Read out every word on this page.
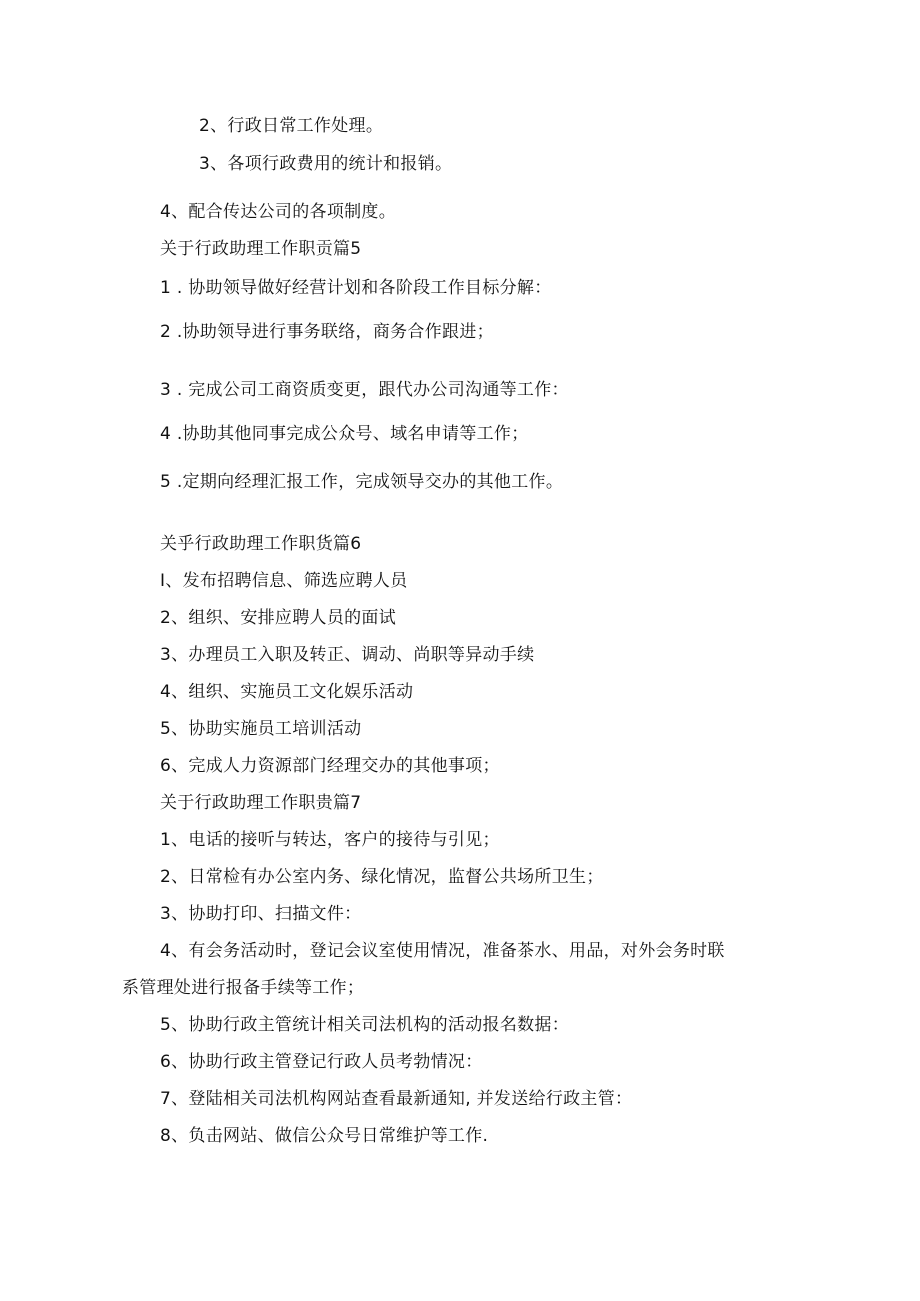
2、行政日常工作处理。
3、各项行政费用的统计和报销。
4、配合传达公司的各项制度。
关于行政助理工作职贡篇5
1 . 协助领导做好经营计划和各阶段工作目标分解：
2 .协助领导进行事务联络，商务合作跟进；
3 . 完成公司工商资质变更，跟代办公司沟通等工作：
4 .协助其他同事完成公众号、域名申请等工作；
5 .定期向经理汇报工作，完成领导交办的其他工作。
关乎行政助理工作职货篇6
I、发布招聘信息、筛选应聘人员
2、组织、安排应聘人员的面试
3、办理员工入职及转正、调动、尚职等异动手续
4、组织、实施员工文化娱乐活动
5、协助实施员工培训活动
6、完成人力资源部门经理交办的其他事项；
关于行政助理工作职贵篇7
1、电话的接听与转达，客户的接待与引见；
2、日常检有办公室内务、绿化情况，监督公共场所卫生；
3、协助打印、扫描文件：
4、有会务活动时，登记会议室使用情况，准备茶水、用品，对外会务时联
系管理处进行报备手续等工作；
5、协助行政主管统计相关司法机构的活动报名数据：
6、协助行政主管登记行政人员考勃情况：
7、登陆相关司法机构网站查看最新通知, 并发送给行政主管：
8、负击网站、做信公众号日常维护等工作.
